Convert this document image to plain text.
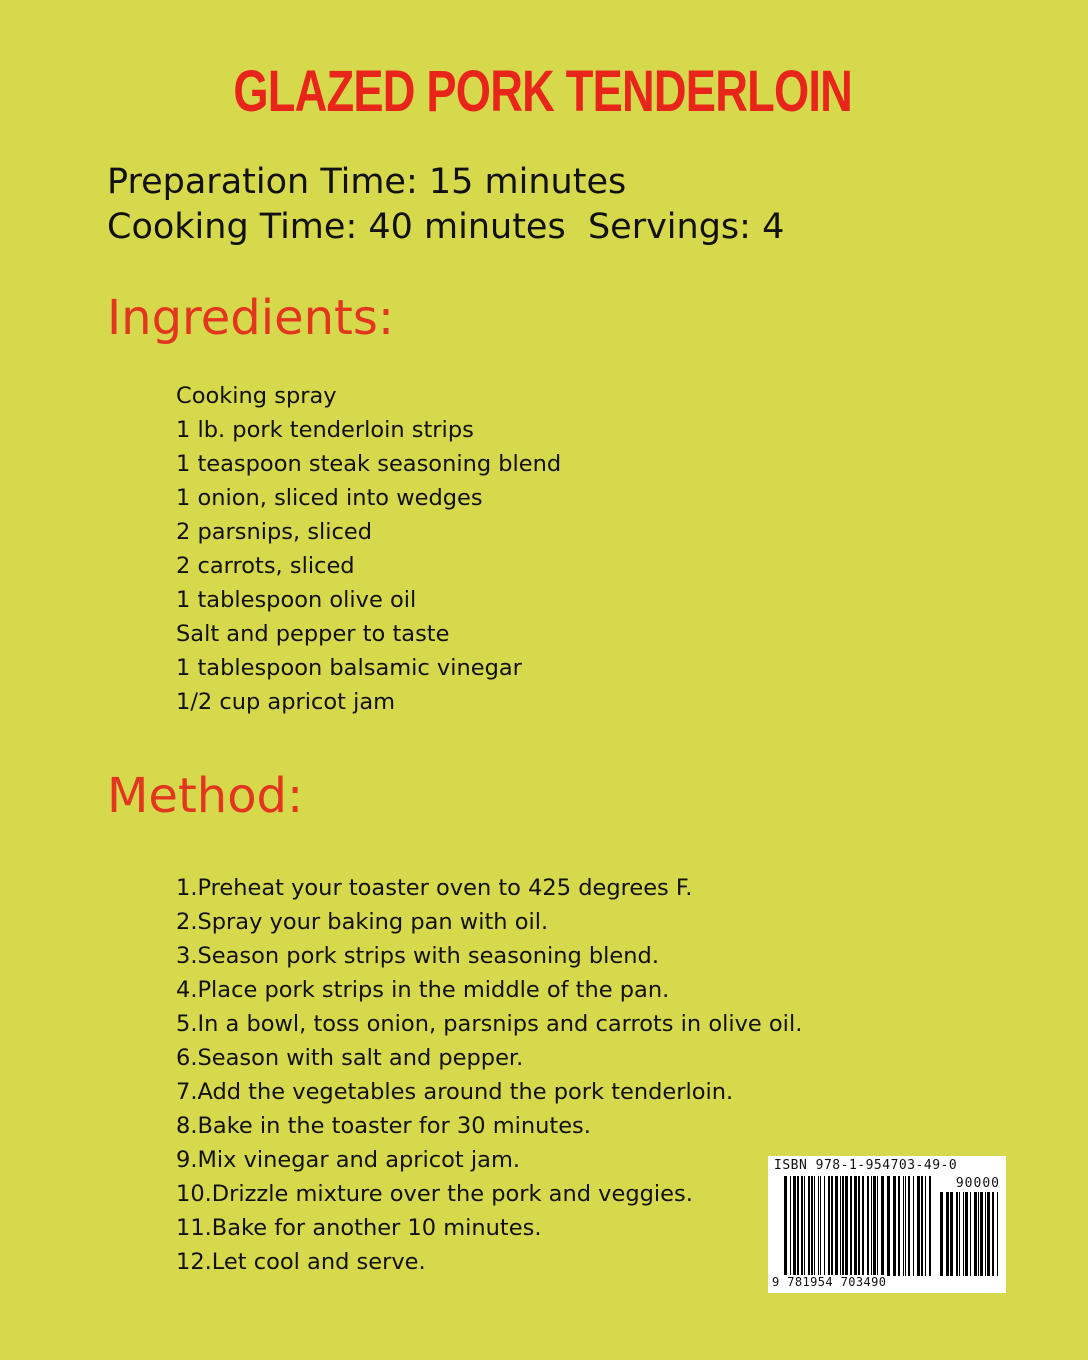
GLAZED PORK TENDERLOIN
Preparation Time: 15 minutes
Cooking Time: 40 minutes  Servings: 4
Ingredients:
Cooking spray
1 lb. pork tenderloin strips
1 teaspoon steak seasoning blend
1 onion, sliced into wedges
2 parsnips, sliced
2 carrots, sliced
1 tablespoon olive oil
Salt and pepper to taste
1 tablespoon balsamic vinegar
1/2 cup apricot jam
Method:
1.Preheat your toaster oven to 425 degrees F.
2.Spray your baking pan with oil.
3.Season pork strips with seasoning blend.
4.Place pork strips in the middle of the pan.
5.In a bowl, toss onion, parsnips and carrots in olive oil.
6.Season with salt and pepper.
7.Add the vegetables around the pork tenderloin.
8.Bake in the toaster for 30 minutes.
9.Mix vinegar and apricot jam.
10.Drizzle mixture over the pork and veggies.
11.Bake for another 10 minutes.
12.Let cool and serve.
ISBN 978-1-954703-49-0
90000
9 781954 703490
